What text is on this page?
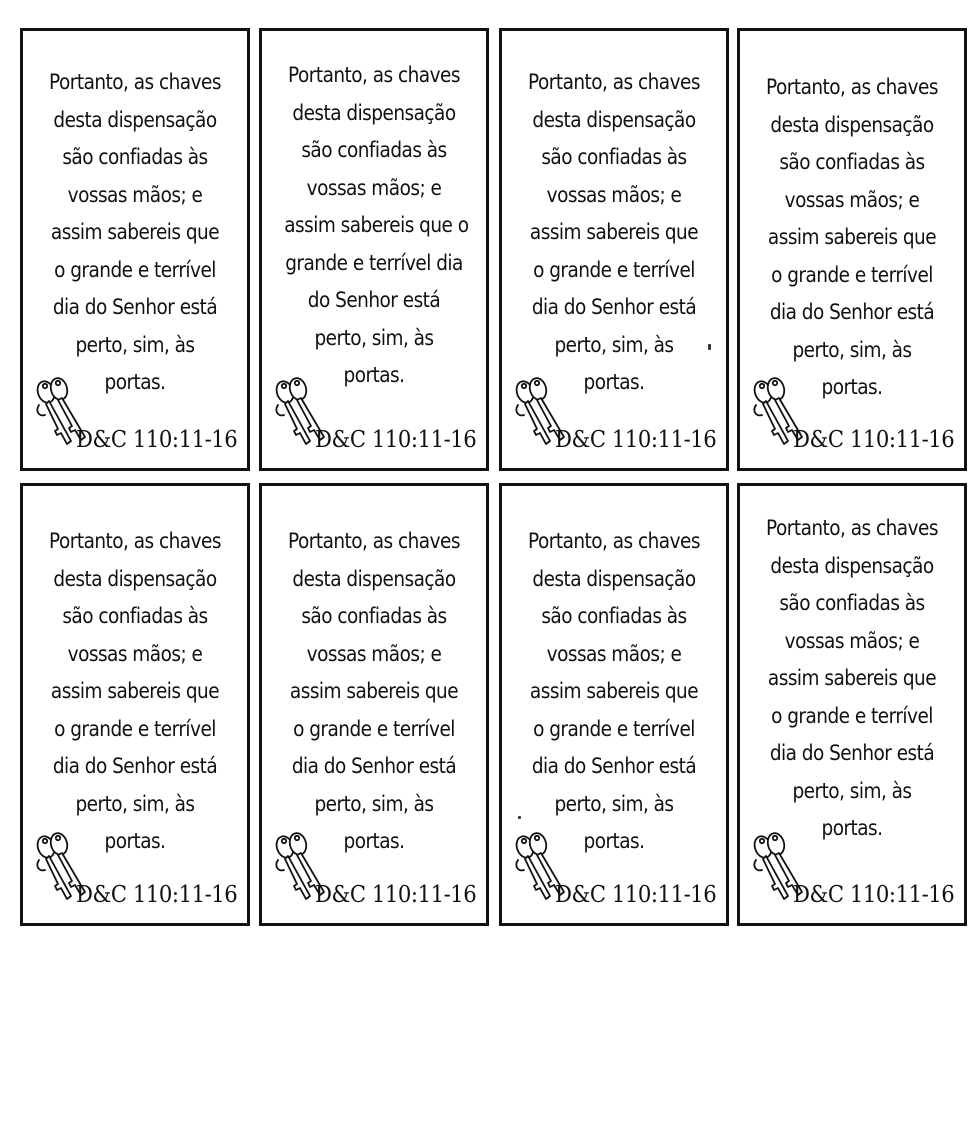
Portanto, as chaves
desta dispensação
são confiadas às
vossas mãos; e
assim sabereis que
o grande e terrível
dia do Senhor está
perto, sim, às
portas.
D&C 110:11-16
Portanto, as chaves
desta dispensação
são confiadas às
vossas mãos; e
assim sabereis que o
grande e terrível dia
do Senhor está
perto, sim, às
portas.
D&C 110:11-16
Portanto, as chaves
desta dispensação
são confiadas às
vossas mãos; e
assim sabereis que
o grande e terrível
dia do Senhor está
perto, sim, às
portas.
D&C 110:11-16
Portanto, as chaves
desta dispensação
são confiadas às
vossas mãos; e
assim sabereis que
o grande e terrível
dia do Senhor está
perto, sim, às
portas.
D&C 110:11-16
Portanto, as chaves
desta dispensação
são confiadas às
vossas mãos; e
assim sabereis que
o grande e terrível
dia do Senhor está
perto, sim, às
portas.
D&C 110:11-16
Portanto, as chaves
desta dispensação
são confiadas às
vossas mãos; e
assim sabereis que
o grande e terrível
dia do Senhor está
perto, sim, às
portas.
D&C 110:11-16
Portanto, as chaves
desta dispensação
são confiadas às
vossas mãos; e
assim sabereis que
o grande e terrível
dia do Senhor está
perto, sim, às
portas.
D&C 110:11-16
Portanto, as chaves
desta dispensação
são confiadas às
vossas mãos; e
assim sabereis que
o grande e terrível
dia do Senhor está
perto, sim, às
portas.
D&C 110:11-16
